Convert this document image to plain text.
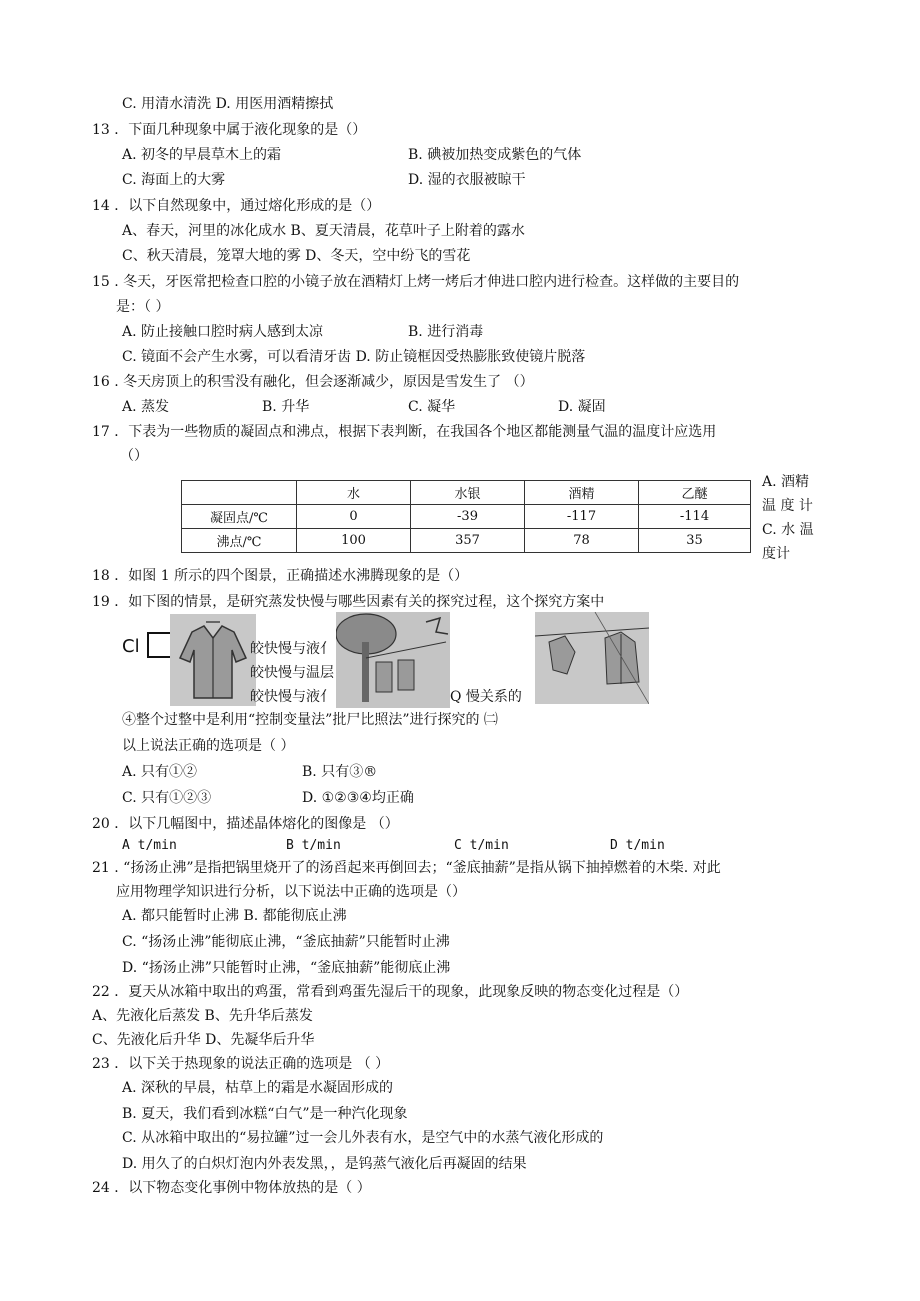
C. 用清水清洗 D. 用医用酒精擦拭
13 ．下面几种现象中属于液化现象的是（）
A. 初冬的早晨草木上的霜	B. 碘被加热变成紫色的气体
C. 海面上的大雾	D. 湿的衣服被晾干
14 ．以下自然现象中，通过熔化形成的是（）
A、春天，河里的冰化成水 B、夏天清晨，花草叶子上附着的露水
C、秋天清晨，笼罩大地的雾 D、冬天，空中纷飞的雪花
15 . 冬天，牙医常把检查口腔的小镜子放在酒精灯上烤一烤后才伸进口腔内进行检查。这样做的主要目的
是：（ ）
A. 防止接触口腔时病人感到太凉	B. 进行消毒
C. 镜面不会产生水雾，可以看清牙齿 D. 防止镜框因受热膨胀致使镜片脱落
16 . 冬天房顶上的积雪没有融化，但会逐渐减少，原因是雪发生了 （）
A. 蒸发	B. 升华	C. 凝华	D. 凝固
17 ．下表为一些物质的凝固点和沸点，根据下表判断，在我国各个地区都能测量气温的温度计应选用
（）
	水	水银	酒精	乙醚
凝固点/℃	0	-39	-117	-114
沸点/℃	100	357	78	35
A. 酒精
温 度 计
C. 水 温
度计
18 ．如图 1 所示的四个图景，正确描述水沸腾现象的是（）
19 ．如下图的情景，是研究蒸发快慢与哪些因素有关的探究过程，这个探究方案中
Cl	皎快慢与液亻
皎快慢与温层
皎快慢与液亻	Q 慢关系的
④整个过整中是利用“控制变量法”批尸比照法”进行探究的 ㈡
以上说法正确的选项是（ ）
A. 只有①②	B. 只有③®
C. 只有①②③	D. ①②③④均正确
20 ．以下几幅图中，描述晶体熔化的图像是 （）
A t/min	B t/min	C t/min	D t/min
21 . “扬汤止沸”是指把锅里烧开了的汤舀起来再倒回去；“釜底抽薪”是指从锅下抽掉燃着的木柴. 对此
应用物理学知识进行分析，以下说法中正确的选项是（）
A. 都只能暂时止沸 B. 都能彻底止沸
C. “扬汤止沸”能彻底止沸，“釜底抽薪”只能暂时止沸
D. “扬汤止沸”只能暂时止沸，“釜底抽薪”能彻底止沸
22 ．夏天从冰箱中取出的鸡蛋，常看到鸡蛋先湿后干的现象，此现象反映的物态变化过程是（）
A、先液化后蒸发 B、先升华后蒸发
C、先液化后升华 D、先凝华后升华
23 ．以下关于热现象的说法正确的选项是 （ ）
A. 深秋的早晨，枯草上的霜是水凝固形成的
B. 夏天，我们看到冰糕“白气”是一种汽化现象
C. 从冰箱中取出的“易拉罐”过一会儿外表有水，是空气中的水蒸气液化形成的
D. 用久了的白炽灯泡内外表发黑，，是钨蒸气液化后再凝固的结果
24 ．以下物态变化事例中物体放热的是（ ）
